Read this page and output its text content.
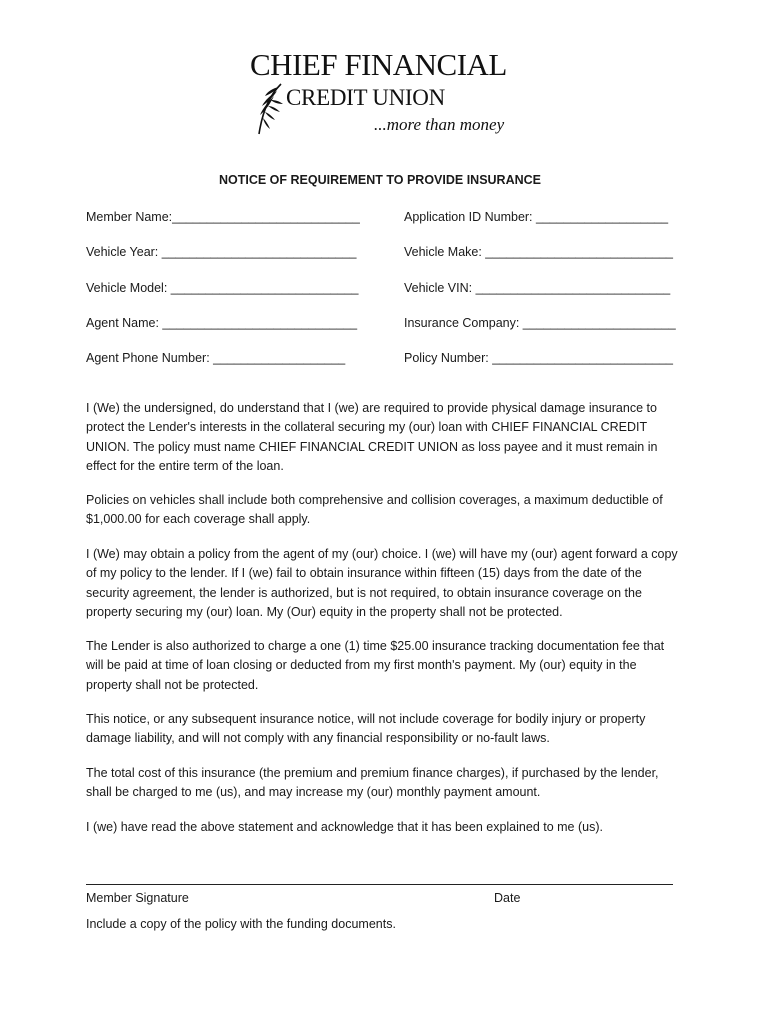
CHIEF FINANCIAL
CREDIT UNION
...more than money
NOTICE OF REQUIREMENT TO PROVIDE INSURANCE
Member Name:___________________________	Application ID Number: ___________________
Vehicle Year: ____________________________	Vehicle Make: ___________________________
Vehicle Model: ___________________________	Vehicle VIN: ____________________________
Agent Name: ____________________________	Insurance Company: ______________________
Agent Phone Number: ___________________	Policy Number: __________________________
I (We) the undersigned, do understand that I (we) are required to provide physical damage insurance to protect the Lender's interests in the collateral securing my (our) loan with CHIEF FINANCIAL CREDIT UNION. The policy must name CHIEF FINANCIAL CREDIT UNION as loss payee and it must remain in effect for the entire term of the loan.
Policies on vehicles shall include both comprehensive and collision coverages, a maximum deductible of $1,000.00 for each coverage shall apply.
I (We) may obtain a policy from the agent of my (our) choice. I (we) will have my (our) agent forward a copy of my policy to the lender. If I (we) fail to obtain insurance within fifteen (15) days from the date of the security agreement, the lender is authorized, but is not required, to obtain insurance coverage on the property securing my (our) loan. My (Our) equity in the property shall not be protected.
The Lender is also authorized to charge a one (1) time $25.00 insurance tracking documentation fee that will be paid at time of loan closing or deducted from my first month's payment. My (our) equity in the property shall not be protected.
This notice, or any subsequent insurance notice, will not include coverage for bodily injury or property damage liability, and will not comply with any financial responsibility or no-fault laws.
The total cost of this insurance (the premium and premium finance charges), if purchased by the lender, shall be charged to me (us), and may increase my (our) monthly payment amount.
I (we) have read the above statement and acknowledge that it has been explained to me (us).
Member Signature	Date
Include a copy of the policy with the funding documents.
